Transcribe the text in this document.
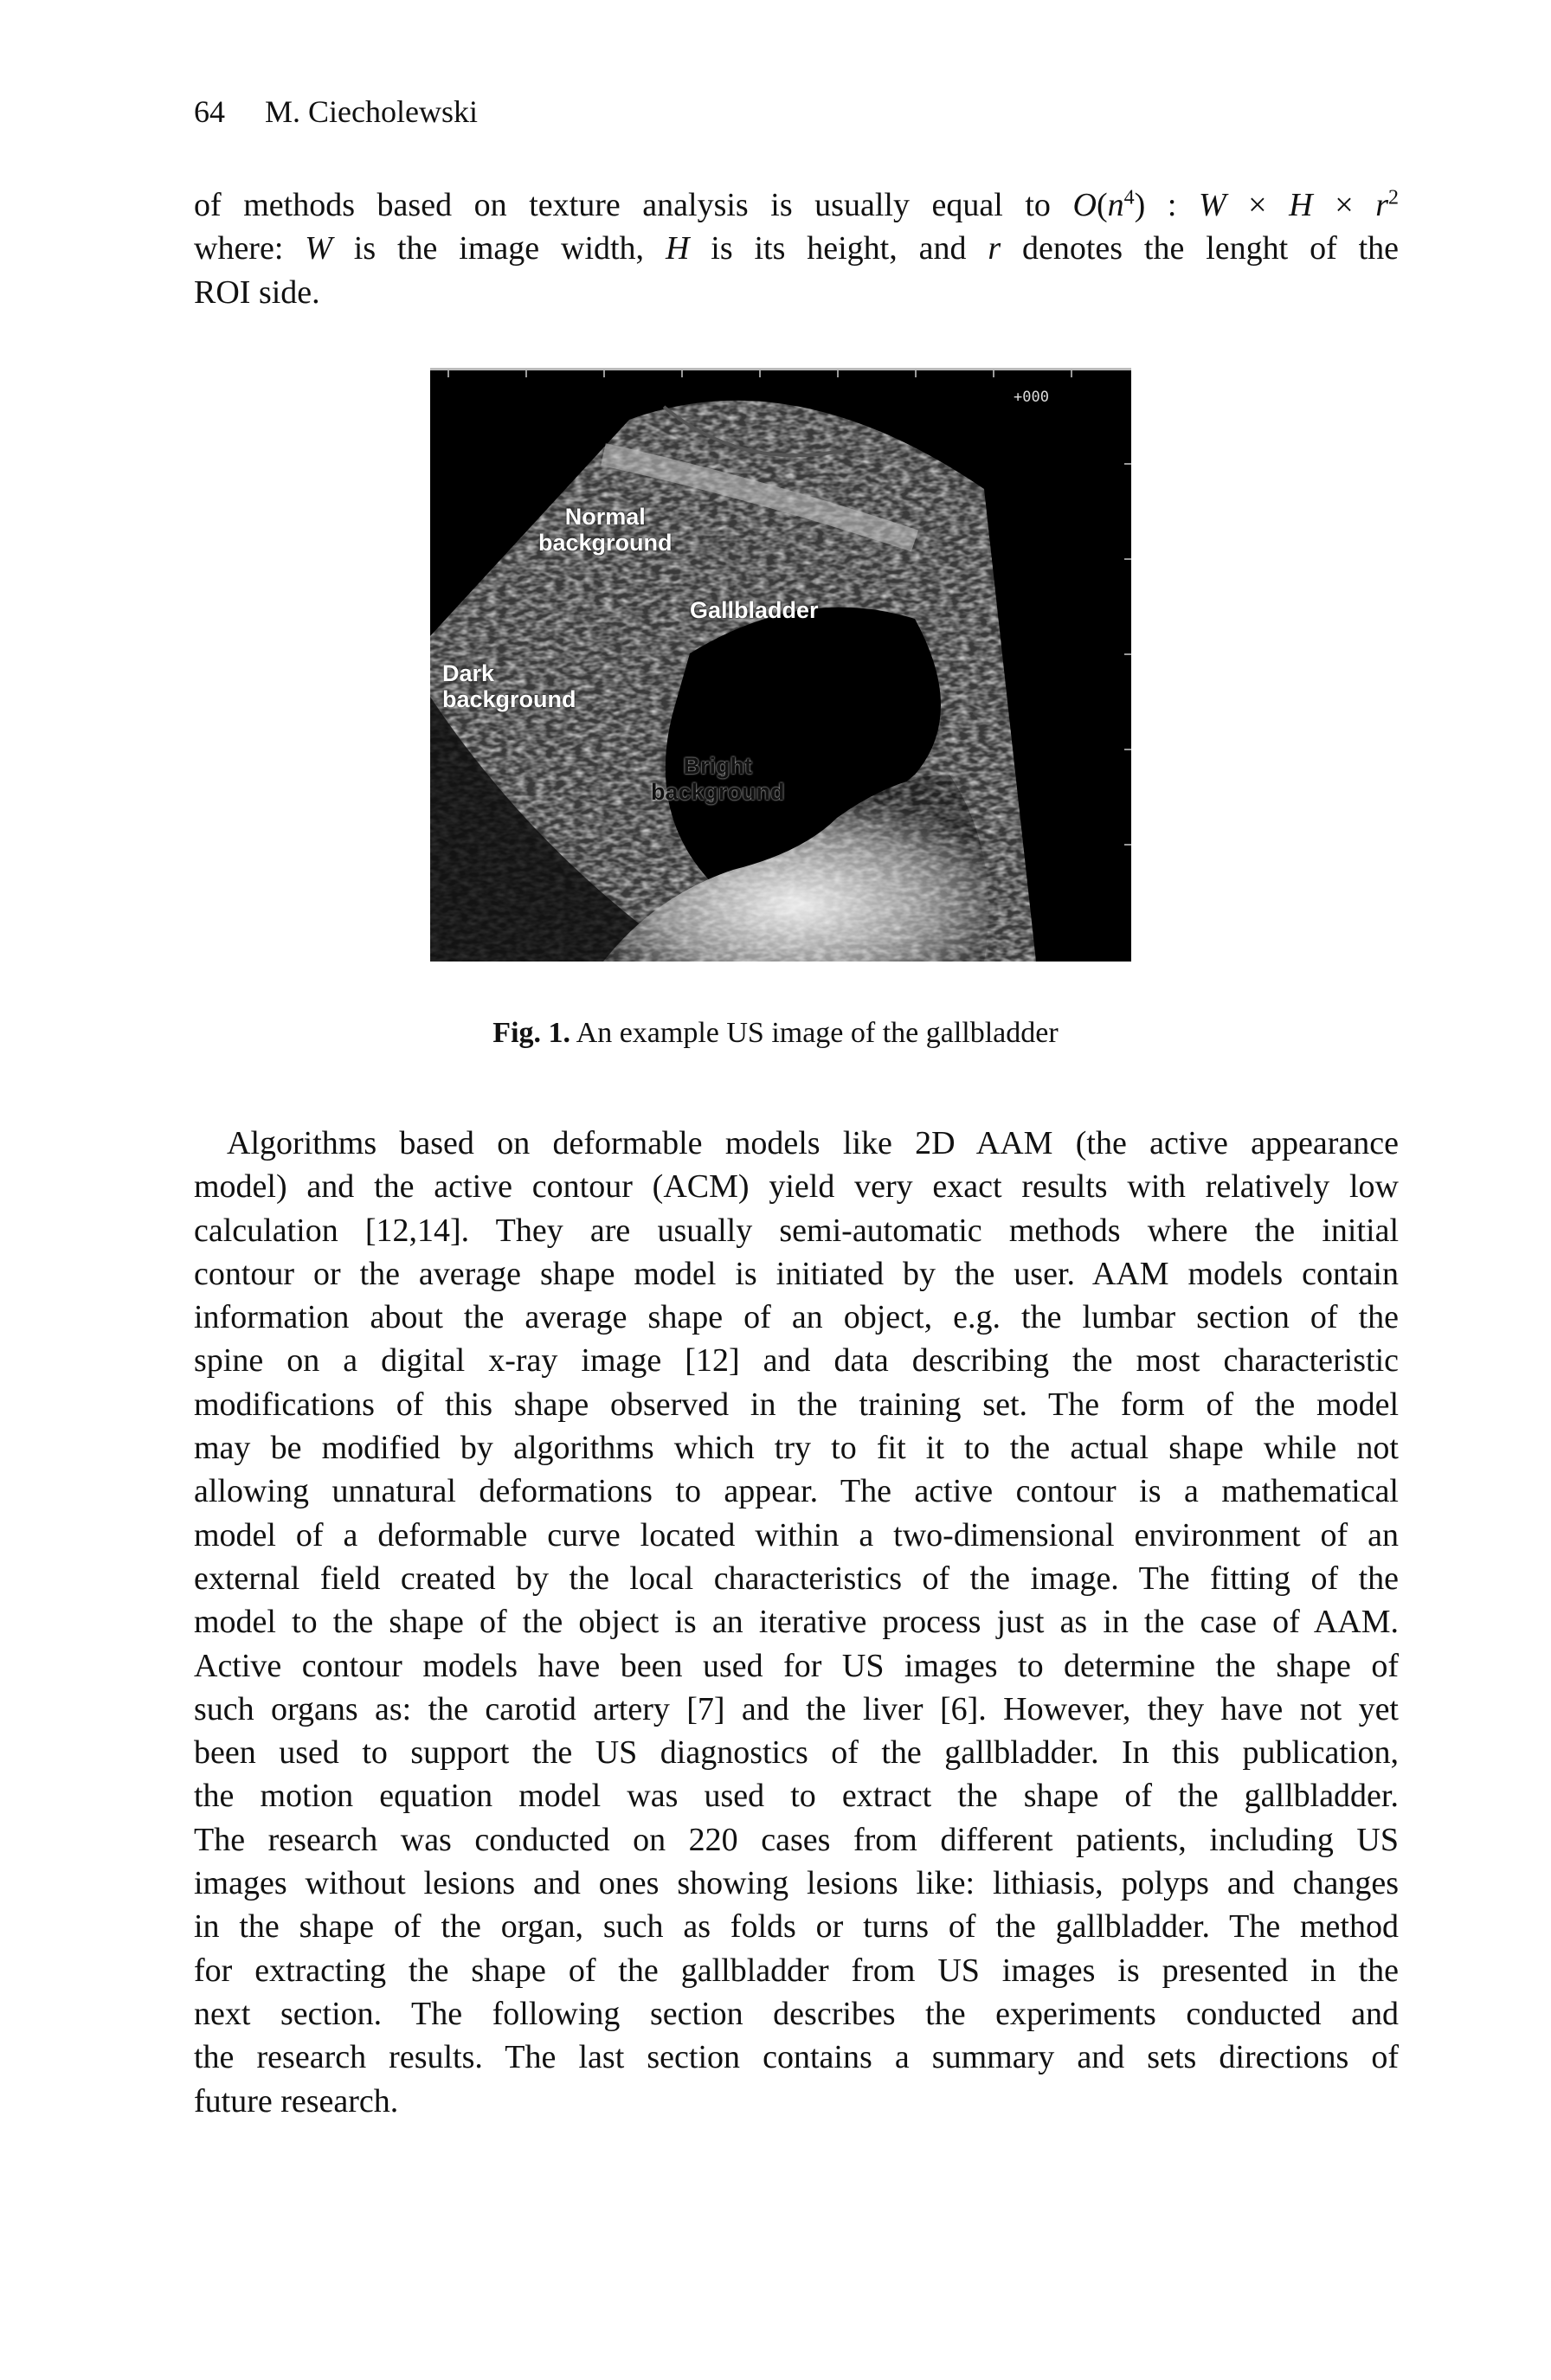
64 M. Ciecholewski
of methods based on texture analysis is usually equal to $O(n^4)$ : $W \times H \times r^2$
where: W is the image width, H is its height, and r denotes the lenght of the
ROI side.
+000
Normal
background
Gallbladder
Dark
background
Bright
background
Fig. 1. An example US image of the gallbladder
Algorithms based on deformable models like 2D AAM (the active appearance
model) and the active contour (ACM) yield very exact results with relatively low
calculation [12,14]. They are usually semi-automatic methods where the initial
contour or the average shape model is initiated by the user. AAM models contain
information about the average shape of an object, e.g. the lumbar section of the
spine on a digital x-ray image [12] and data describing the most characteristic
modifications of this shape observed in the training set. The form of the model
may be modified by algorithms which try to fit it to the actual shape while not
allowing unnatural deformations to appear. The active contour is a mathematical
model of a deformable curve located within a two-dimensional environment of an
external field created by the local characteristics of the image. The fitting of the
model to the shape of the object is an iterative process just as in the case of AAM.
Active contour models have been used for US images to determine the shape of
such organs as: the carotid artery [7] and the liver [6]. However, they have not yet
been used to support the US diagnostics of the gallbladder. In this publication,
the motion equation model was used to extract the shape of the gallbladder.
The research was conducted on 220 cases from different patients, including US
images without lesions and ones showing lesions like: lithiasis, polyps and changes
in the shape of the organ, such as folds or turns of the gallbladder. The method
for extracting the shape of the gallbladder from US images is presented in the
next section. The following section describes the experiments conducted and
the research results. The last section contains a summary and sets directions of
future research.
